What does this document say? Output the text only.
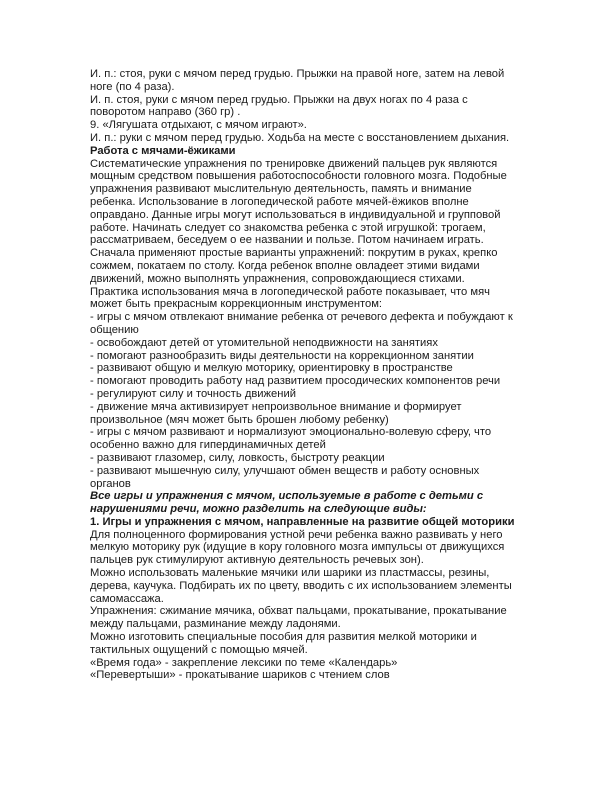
И. п.: стоя, руки с мячом перед грудью. Прыжки на правой ноге, затем на левой ноге (по 4 раза).

И. п. стоя, руки с мячом перед грудью. Прыжки на двух ногах по 4 раза с поворотом направо (360 гр) .

9. «Лягушата отдыхают, с мячом играют».

И. п.: руки с мячом перед грудью. Ходьба на месте с восстановлением дыхания.

Работа с мячами-ёжиками

Систематические упражнения по тренировке движений пальцев рук являются мощным средством повышения работоспособности головного мозга. Подобные упражнения развивают мыслительную деятельность, память и внимание ребенка. Использование в логопедической работе мячей-ёжиков вполне оправдано. Данные игры могут использоваться в индивидуальной и групповой работе. Начинать следует со знакомства ребенка с этой игрушкой: трогаем, рассматриваем, беседуем о ее названии и пользе. Потом начинаем играть.

Сначала применяют простые варианты упражнений: покрутим в руках, крепко сожмем, покатаем по столу. Когда ребенок вполне овладеет этими видами движений, можно выполнять упражнения, сопровождающиеся стихами.

Практика использования мяча в логопедической работе показывает, что мяч может быть прекрасным коррекционным инструментом:

- игры с мячом отвлекают внимание ребенка от речевого дефекта и побуждают к общению

- освобождают детей от утомительной неподвижности на занятиях

- помогают разнообразить виды деятельности на коррекционном занятии

- развивают общую и мелкую моторику, ориентировку в пространстве

- помогают проводить работу над развитием просодических компонентов речи

- регулируют силу и точность движений

- движение мяча активизирует непроизвольное внимание и формирует произвольное (мяч может быть брошен любому ребенку)

- игры с мячом развивают и нормализуют эмоционально-волевую сферу, что особенно важно для гипердинамичных детей

- развивают глазомер, силу, ловкость, быстроту реакции

- развивают мышечную силу, улучшают обмен веществ и работу основных органов

Все игры и упражнения с мячом, используемые в работе с детьми с нарушениями речи, можно разделить на следующие виды:

1. Игры и упражнения с мячом, направленные на развитие общей моторики

Для полноценного формирования устной речи ребенка важно развивать у него мелкую моторику рук (идущие в кору головного мозга импульсы от движущихся пальцев рук стимулируют активную деятельность речевых зон).

Можно использовать маленькие мячики или шарики из пластмассы, резины, дерева, каучука. Подбирать их по цвету, вводить с их использованием элементы самомассажа.

Упражнения: сжимание мячика, обхват пальцами, прокатывание, прокатывание между пальцами, разминание между ладонями.

Можно изготовить специальные пособия для развития мелкой моторики и тактильных ощущений с помощью мячей.

«Время года» - закрепление лексики по теме «Календарь»

«Перевертыши» - прокатывание шариков с чтением слов
